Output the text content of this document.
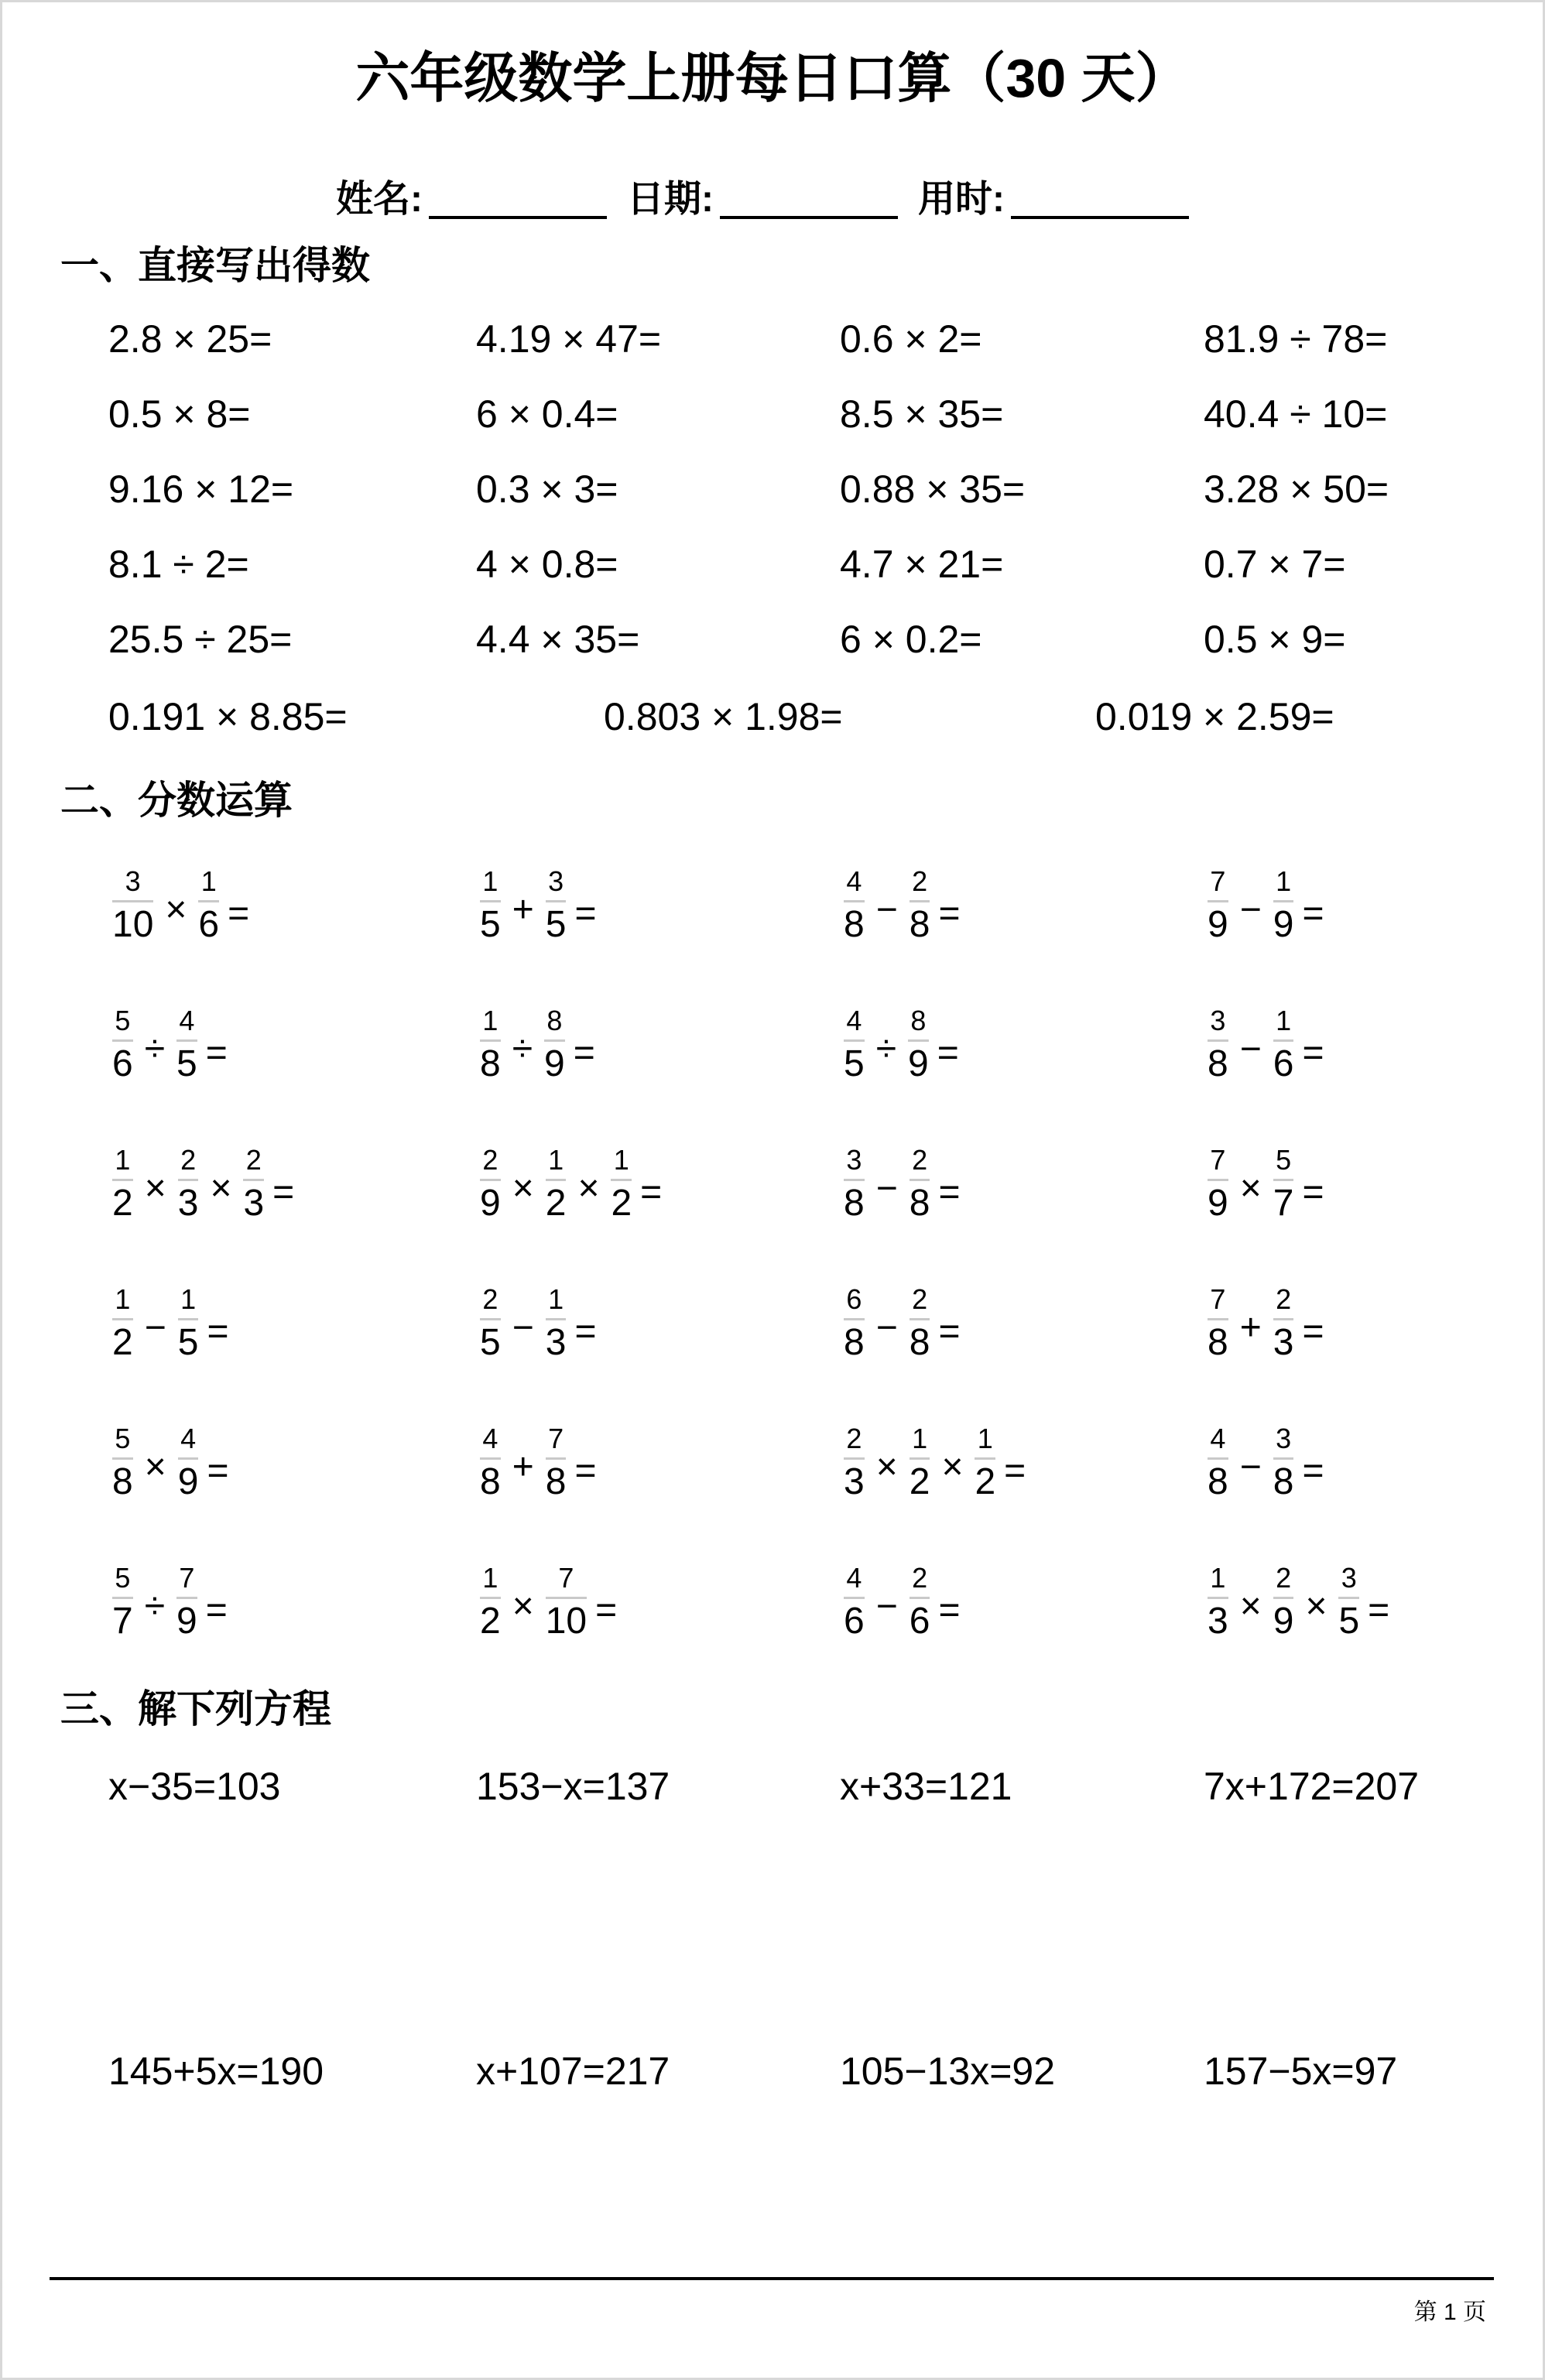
六年级数学上册每日口算（30 天）
姓名:	日期:	用时:
一、直接写出得数
2.8 × 25=	4.19 × 47=	0.6 × 2=	81.9 ÷ 78=
0.5 × 8=	6 × 0.4=	8.5 × 35=	40.4 ÷ 10=
9.16 × 12=	0.3 × 3=	0.88 × 35=	3.28 × 50=
8.1 ÷ 2=	4 × 0.8=	4.7 × 21=	0.7 × 7=
25.5 ÷ 25=	4.4 × 35=	6 × 0.2=	0.5 × 9=
0.191 × 8.85=	0.803 × 1.98=	0.019 × 2.59=
二、分数运算
$\frac{3}{10} \times \frac{1}{6}$ =	$\frac{1}{5} + \frac{3}{5}$ =	$\frac{4}{8} - \frac{2}{8}$ =	$\frac{7}{9} - \frac{1}{9}$ =
$\frac{5}{6} \div \frac{4}{5}$ =	$\frac{1}{8} \div \frac{8}{9}$ =	$\frac{4}{5} \div \frac{8}{9}$ =	$\frac{3}{8} - \frac{1}{6}$ =
$\frac{1}{2} \times \frac{2}{3} \times \frac{2}{3}$ =	$\frac{2}{9} \times \frac{1}{2} \times \frac{1}{2}$ =	$\frac{3}{8} - \frac{2}{8}$ =	$\frac{7}{9} \times \frac{5}{7}$ =
$\frac{1}{2} - \frac{1}{5}$ =	$\frac{2}{5} - \frac{1}{3}$ =	$\frac{6}{8} - \frac{2}{8}$ =	$\frac{7}{8} + \frac{2}{3}$ =
$\frac{5}{8} \times \frac{4}{9}$ =	$\frac{4}{8} + \frac{7}{8}$ =	$\frac{2}{3} \times \frac{1}{2} \times \frac{1}{2}$ =	$\frac{4}{8} - \frac{3}{8}$ =
$\frac{5}{7} \div \frac{7}{9}$ =	$\frac{1}{2} \times \frac{7}{10}$ =	$\frac{4}{6} - \frac{2}{6}$ =	$\frac{1}{3} \times \frac{2}{9} \times \frac{3}{5}$ =
三、解下列方程
x−35=103	153−x=137	x+33=121	7x+172=207
145+5x=190	x+107=217	105−13x=92	157−5x=97
第 1 页
